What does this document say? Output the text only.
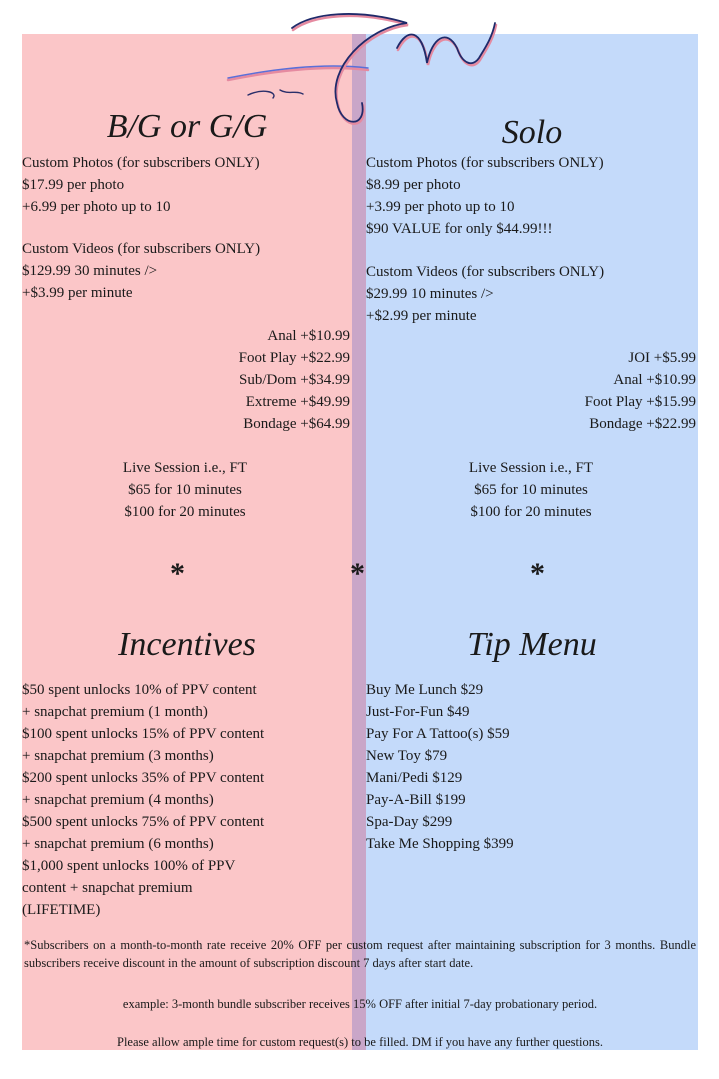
B/G or G/G
Custom Photos (for subscribers ONLY)
$17.99 per photo
+6.99 per photo up to 10
Custom Videos (for subscribers ONLY)
$129.99 30 minutes />
+$3.99 per minute
Anal +$10.99
Foot Play +$22.99
Sub/Dom +$34.99
Extreme +$49.99
Bondage +$64.99
Live Session i.e., FT
$65 for 10 minutes
$100 for 20 minutes
*	*	*
Incentives
$50 spent unlocks 10% of PPV content
+ snapchat premium (1 month)
$100 spent unlocks 15% of PPV content
+ snapchat premium (3 months)
$200 spent unlocks 35% of PPV content
+ snapchat premium (4 months)
$500 spent unlocks 75% of PPV content
+ snapchat premium (6 months)
$1,000 spent unlocks 100% of PPV
content + snapchat premium
(LIFETIME)
Solo
Custom Photos (for subscribers ONLY)
$8.99 per photo
+3.99 per photo up to 10
$90 VALUE for only $44.99!!!
Custom Videos (for subscribers ONLY)
$29.99 10 minutes />
+$2.99 per minute
JOI +$5.99
Anal +$10.99
Foot Play +$15.99
Bondage +$22.99
Live Session i.e., FT
$65 for 10 minutes
$100 for 20 minutes
Tip Menu
Buy Me Lunch $29
Just-For-Fun $49
Pay For A Tattoo(s) $59
New Toy $79
Mani/Pedi $129
Pay-A-Bill $199
Spa-Day $299
Take Me Shopping $399
*Subscribers on a month-to-month rate receive 20% OFF per custom request after maintaining subscription for 3 months. Bundle subscribers receive discount in the amount of subscription discount 7 days after start date.
example: 3-month bundle subscriber receives 15% OFF after initial 7-day probationary period.
Please allow ample time for custom request(s) to be filled. DM if you have any further questions.
